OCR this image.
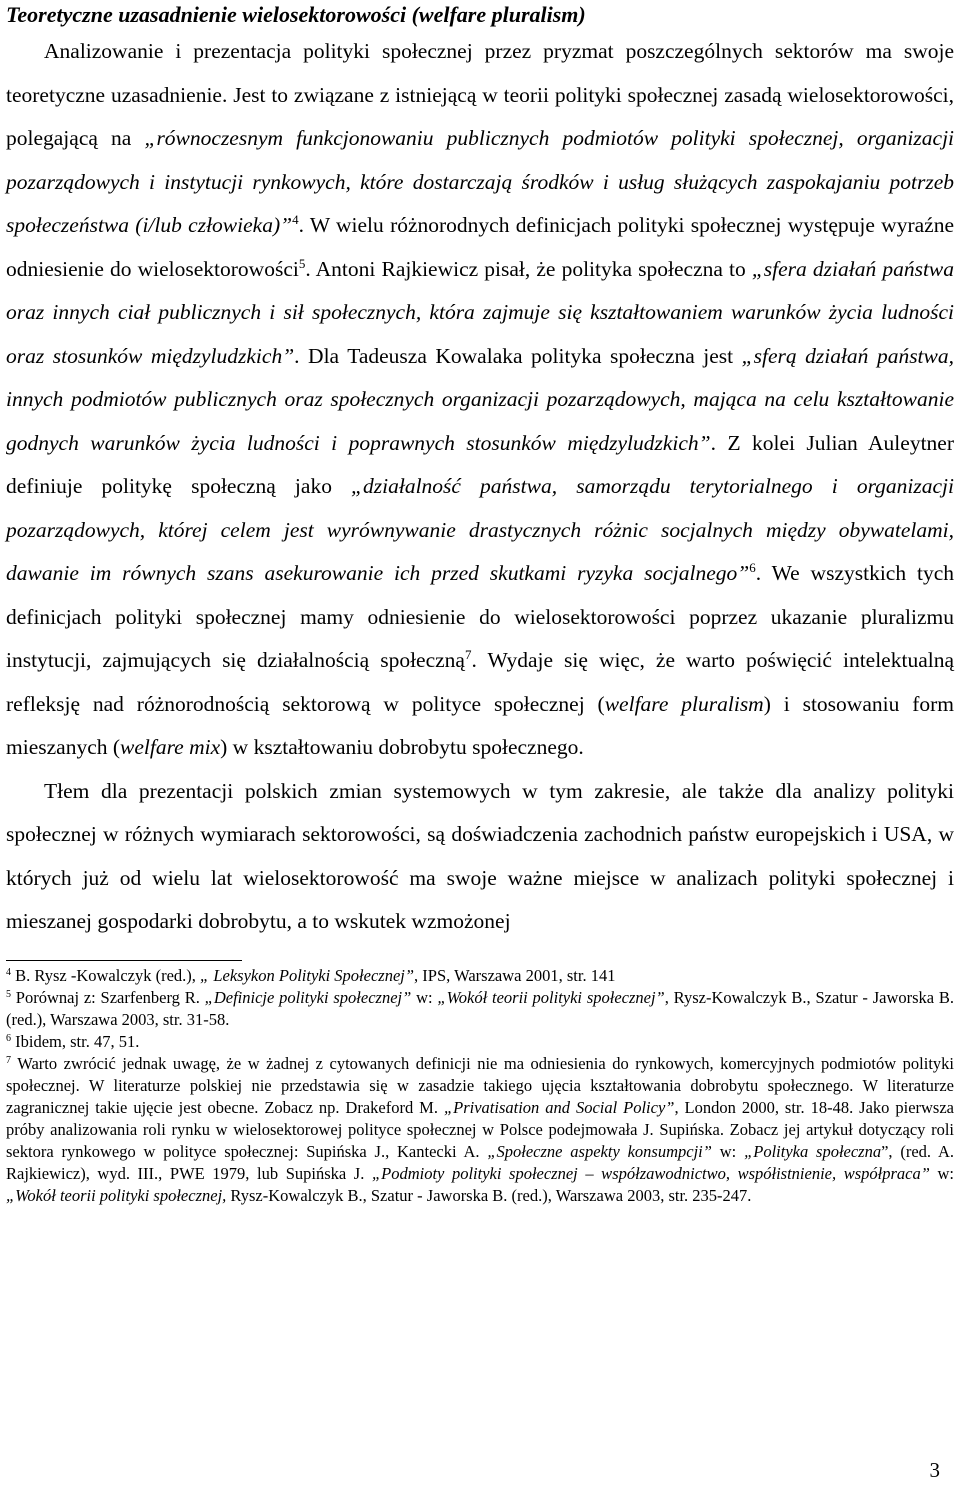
Teoretyczne uzasadnienie wielosektorowości (welfare pluralism)

Analizowanie i prezentacja polityki społecznej przez pryzmat poszczególnych sektorów ma swoje teoretyczne uzasadnienie. Jest to związane z istniejącą w teorii polityki społecznej zasadą wielosektorowości, polegającą na „równoczesnym funkcjonowaniu publicznych podmiotów polityki społecznej, organizacji pozarządowych i instytucji rynkowych, które dostarczają środków i usług służących zaspokajaniu potrzeb społeczeństwa (i/lub człowieka)”$^4$. W wielu różnorodnych definicjach polityki społecznej występuje wyraźne odniesienie do wielosektorowości$^5$. Antoni Rajkiewicz pisał, że polityka społeczna to „sfera działań państwa oraz innych ciał publicznych i sił społecznych, która zajmuje się kształtowaniem warunków życia ludności oraz stosunków międzyludzkich”. Dla Tadeusza Kowalaka polityka społeczna jest „sferą działań państwa, innych podmiotów publicznych oraz społecznych organizacji pozarządowych, mająca na celu kształtowanie godnych warunków życia ludności i poprawnych stosunków międzyludzkich”. Z kolei Julian Auleytner definiuje politykę społeczną jako „działalność państwa, samorządu terytorialnego i organizacji pozarządowych, której celem jest wyrównywanie drastycznych różnic socjalnych między obywatelami, dawanie im równych szans asekurowanie ich przed skutkami ryzyka socjalnego”$^6$. We wszystkich tych definicjach polityki społecznej mamy odniesienie do wielosektorowości poprzez ukazanie pluralizmu instytucji, zajmujących się działalnością społeczną$^7$. Wydaje się więc, że warto poświęcić intelektualną refleksję nad różnorodnością sektorową w polityce społecznej (welfare pluralism) i stosowaniu form mieszanych (welfare mix) w kształtowaniu dobrobytu społecznego.

Tłem dla prezentacji polskich zmian systemowych w tym zakresie, ale także dla analizy polityki społecznej w różnych wymiarach sektorowości, są doświadczenia zachodnich państw europejskich i USA, w których już od wielu lat wielosektorowość ma swoje ważne miejsce w analizach polityki społecznej i mieszanej gospodarki dobrobytu, a to wskutek wzmożonej

$^4$ B. Rysz -Kowalczyk (red.), „ Leksykon Polityki Społecznej”, IPS, Warszawa 2001, str. 141

$^5$ Porównaj z: Szarfenberg R. „Definicje polityki społecznej” w: „Wokół teorii polityki społecznej”, Rysz-Kowalczyk B., Szatur - Jaworska B. (red.), Warszawa 2003, str. 31-58.

$^6$ Ibidem, str. 47, 51.

$^7$ Warto zwrócić jednak uwagę, że w żadnej z cytowanych definicji nie ma odniesienia do rynkowych, komercyjnych podmiotów polityki społecznej. W literaturze polskiej nie przedstawia się w zasadzie takiego ujęcia kształtowania dobrobytu społecznego. W literaturze zagranicznej takie ujęcie jest obecne. Zobacz np. Drakeford M. „Privatisation and Social Policy”, London 2000, str. 18-48. Jako pierwsza próby analizowania roli rynku w wielosektorowej polityce społecznej w Polsce podejmowała J. Supińska. Zobacz jej artykuł dotyczący roli sektora rynkowego w polityce społecznej: Supińska J., Kantecki A. „Społeczne aspekty konsumpcji” w: „Polityka społeczna”, (red. A. Rajkiewicz), wyd. III., PWE 1979, lub Supińska J. „Podmioty polityki społecznej – współzawodnictwo, współistnienie, współpraca” w: „Wokół teorii polityki społecznej, Rysz-Kowalczyk B., Szatur - Jaworska B. (red.), Warszawa 2003, str. 235-247.

3
